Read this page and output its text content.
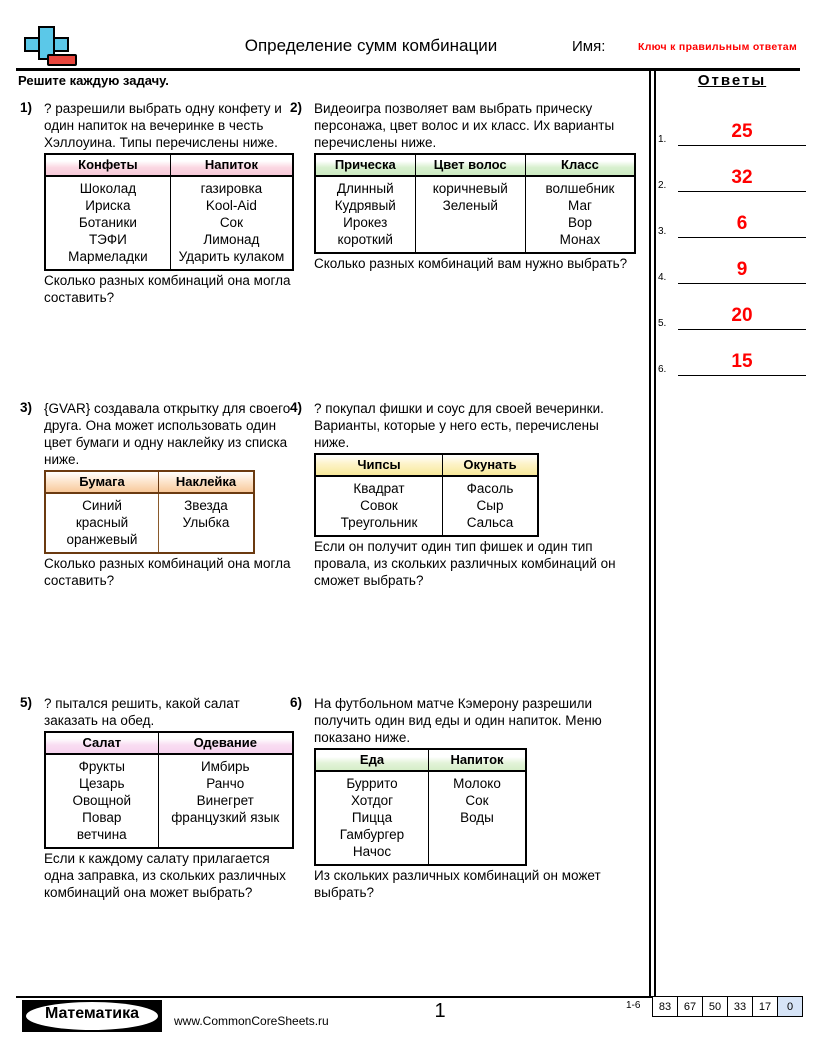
Определение сумм комбинации	Имя:	Ключ к правильным ответам
Решите каждую задачу.	Ответы
1.	25
2.	32
3.	6
4.	9
5.	20
6.	15
1) ? разрешили выбрать одну конфету и один напиток на вечеринке в честь Хэллоуина. Типы перечислены ниже.
Конфеты	Напиток

Шоколад
Ириска
Ботаники
ТЭФИ
Мармеладки

газировка
Kool-Aid
Сок
Лимонад
Ударить кулаком
Сколько разных комбинаций она могла составить?
2) Видеоигра позволяет вам выбрать прическу персонажа, цвет волос и их класс. Их варианты перечислены ниже.
Прическа	Цвет волос	Класс

Длинный
Кудрявый
Ирокез
короткий

коричневый
Зеленый

волшебник
Маг
Вор
Монах
Сколько разных комбинаций вам нужно выбрать?
3) {GVAR} создавала открытку для своего друга. Она может использовать один цвет бумаги и одну наклейку из списка ниже.
Бумага	Наклейка

Синий
красный
оранжевый

Звезда
Улыбка
Сколько разных комбинаций она могла составить?
4) ? покупал фишки и соус для своей вечеринки. Варианты, которые у него есть, перечислены ниже.
Чипсы	Окунать

Квадрат
Совок
Треугольник

Фасоль
Сыр
Сальса
Если он получит один тип фишек и один тип провала, из скольких различных комбинаций он сможет выбрать?
5) ? пытался решить, какой салат заказать на обед.
Салат	Одевание

Фрукты
Цезарь
Овощной
Повар
ветчина

Имбирь
Ранчо
Винегрет
французкий язык
Если к каждому салату прилагается одна заправка, из скольких различных комбинаций она может выбрать?
6) На футбольном матче Кэмерону разрешили получить один вид еды и один напиток. Меню показано ниже.
Еда	Напиток

Буррито
Хотдог
Пицца
Гамбургер
Начос

Молоко
Сок
Воды
Из скольких различных комбинаций он может выбрать?
Математика	www.CommonCoreSheets.ru	1	1-6 83	67	50	33	17	0
